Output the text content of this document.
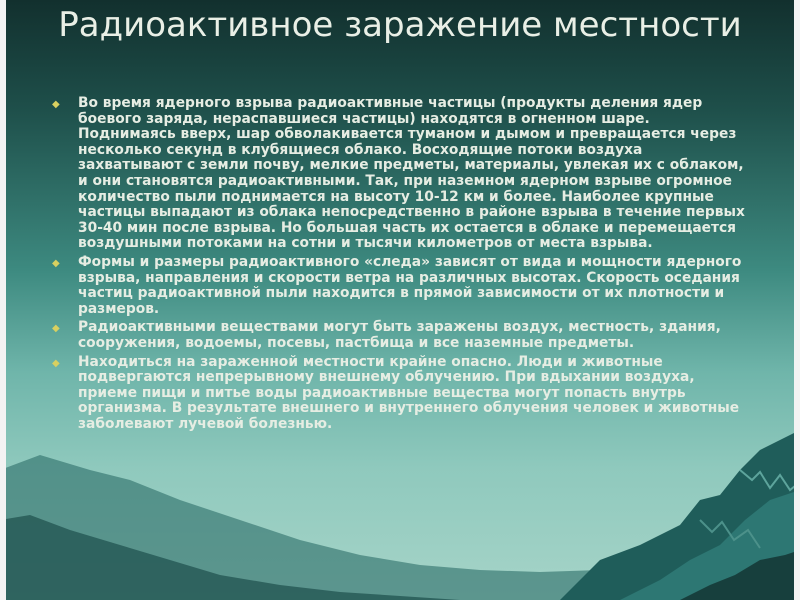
Радиоактивное заражение местности
◆ Во время ядерного взрыва радиоактивные частицы (продукты деления ядер боевого заряда, нераспавшиеся частицы) находятся в огненном шаре. Поднимаясь вверх, шар обволакивается туманом и дымом и превращается через несколько секунд в клубящиеся облако. Восходящие потоки воздуха захватывают с земли почву, мелкие предметы, материалы, увлекая их с облаком, и они становятся радиоактивными. Так, при наземном ядерном взрыве огромное количество пыли поднимается на высоту 10-12 км и более. Наиболее крупные частицы выпадают из облака непосредственно в районе взрыва в течение первых 30-40 мин после взрыва. Но большая часть их остается в облаке и перемещается воздушными потоками на сотни и тысячи километров от места взрыва.
◆ Формы и размеры радиоактивного «следа» зависят от вида и мощности ядерного взрыва, направления и скорости ветра на различных высотах. Скорость оседания частиц радиоактивной пыли находится в прямой зависимости от их плотности и размеров.
◆ Радиоактивными веществами могут быть заражены воздух, местность, здания, сооружения, водоемы, посевы, пастбища и все наземные предметы.
◆ Находиться на зараженной местности крайне опасно. Люди и животные подвергаются непрерывному внешнему облучению. При вдыхании воздуха, приеме пищи и питье воды радиоактивные вещества могут попасть внутрь организма. В результате внешнего и внутреннего облучения человек и животные заболевают лучевой болезнью.
